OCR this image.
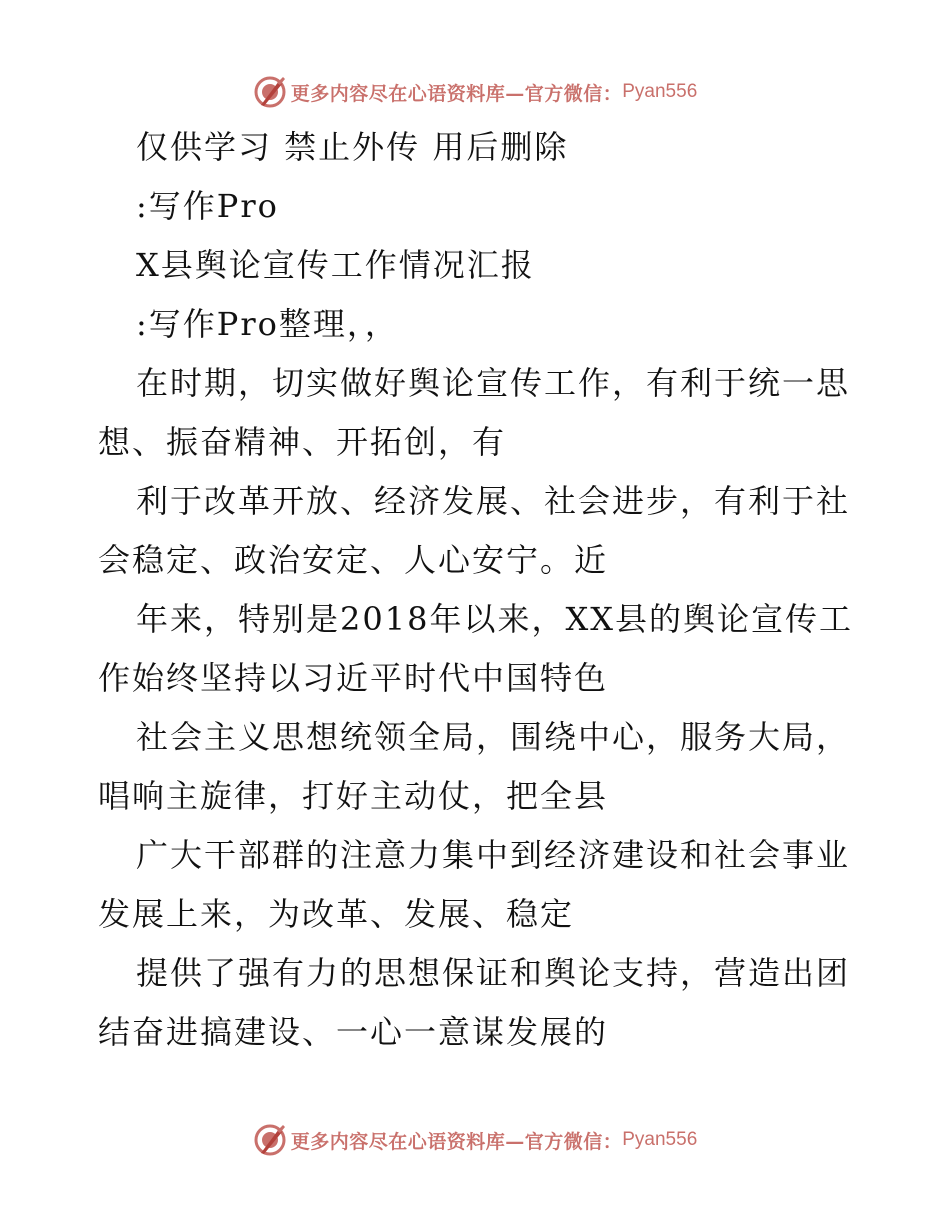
更多内容尽在心语资料库—官方微信： Pyan556
仅供学习 禁止外传 用后删除
:写作Pro
X县舆论宣传工作情况汇报
:写作Pro整理，，
在时期，切实做好舆论宣传工作，有利于统一思
想、振奋精神、开拓创，有
利于改革开放、经济发展、社会进步，有利于社
会稳定、政治安定、人心安宁。近
年来，特别是2018年以来，XX县的舆论宣传工
作始终坚持以习近平时代中国特色
社会主义思想统领全局，围绕中心，服务大局，
唱响主旋律，打好主动仗，把全县
广大干部群的注意力集中到经济建设和社会事业
发展上来，为改革、发展、稳定
提供了强有力的思想保证和舆论支持，营造出团
结奋进搞建设、一心一意谋发展的
更多内容尽在心语资料库—官方微信： Pyan556
